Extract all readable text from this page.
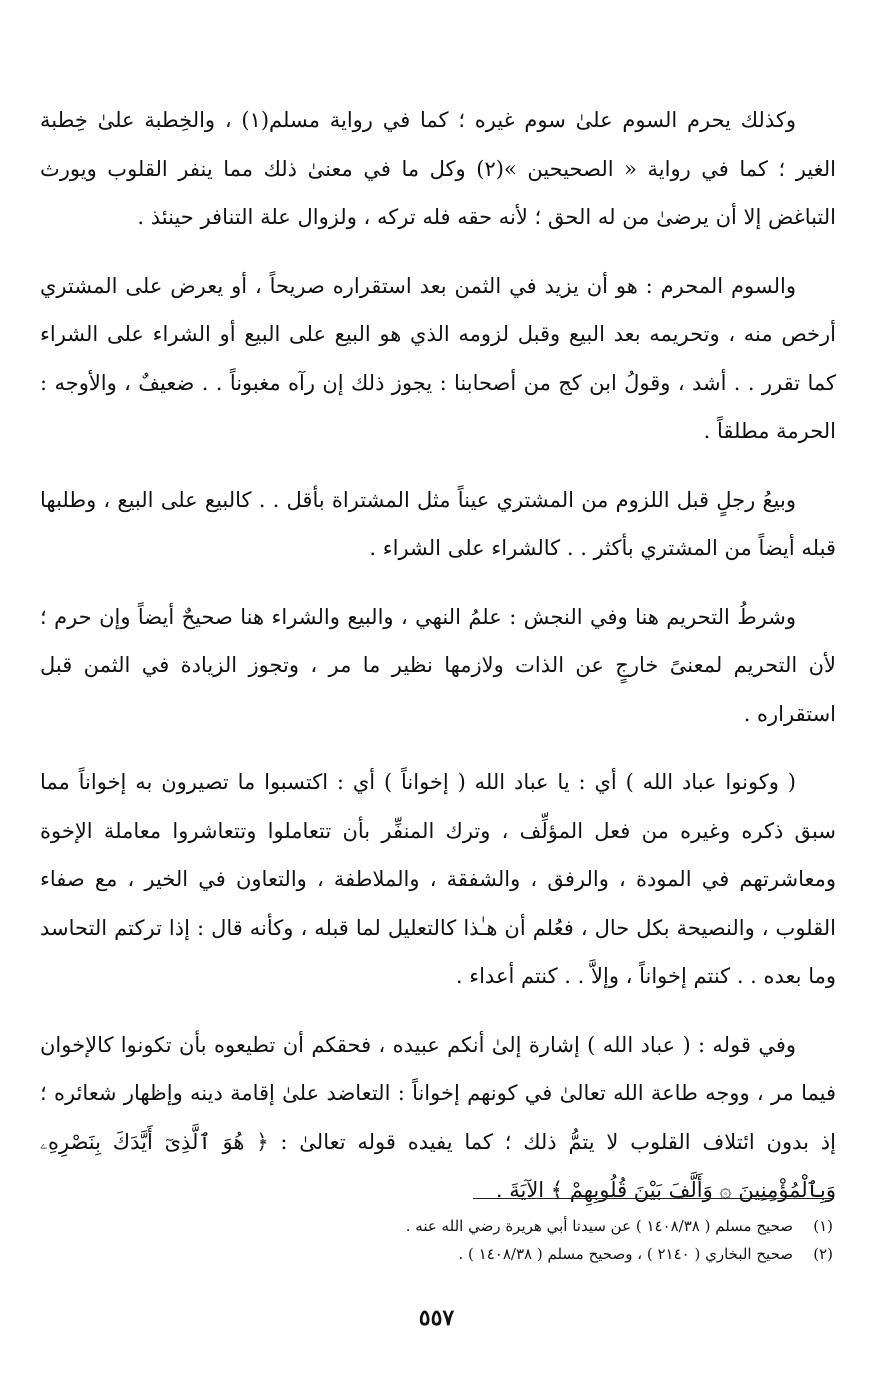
وكذلك يحرم السوم علىٰ سوم غيره ؛ كما في رواية مسلم(١) ، والخِطبة علىٰ خِطبة الغير ؛ كما في رواية « الصحيحين »(٢) وكل ما في معنىٰ ذلك مما ينفر القلوب ويورث التباغض إلا أن يرضىٰ من له الحق ؛ لأنه حقه فله تركه ، ولزوال علة التنافر حينئذ .

والسوم المحرم : هو أن يزيد في الثمن بعد استقراره صريحاً ، أو يعرض على المشتري أرخص منه ، وتحريمه بعد البيع وقبل لزومه الذي هو البيع على البيع أو الشراء على الشراء كما تقرر . . أشد ، وقولُ ابن كج من أصحابنا : يجوز ذلك إن رآه مغبوناً . . ضعيفٌ ، والأوجه : الحرمة مطلقاً .

وبيعُ رجلٍ قبل اللزوم من المشتري عيناً مثل المشتراة بأقل . . كالبيع على البيع ، وطلبها قبله أيضاً من المشتري بأكثر . . كالشراء على الشراء .

وشرطُ التحريم هنا وفي النجش : علمُ النهي ، والبيع والشراء هنا صحيحٌ أيضاً وإن حرم ؛ لأن التحريم لمعنىً خارجٍ عن الذات ولازمها نظير ما مر ، وتجوز الزيادة في الثمن قبل استقراره .

( وكونوا عباد الله ) أي : يا عباد الله ( إخواناً ) أي : اكتسبوا ما تصيرون به إخواناً مما سبق ذكره وغيره من فعل المؤلِّف ، وترك المنفِّر بأن تتعاملوا وتتعاشروا معاملة الإخوة ومعاشرتهم في المودة ، والرفق ، والشفقة ، والملاطفة ، والتعاون في الخير ، مع صفاء القلوب ، والنصيحة بكل حال ، فعُلم أن هـٰذا كالتعليل لما قبله ، وكأنه قال : إذا تركتم التحاسد وما بعده . . كنتم إخواناً ، وإلاَّ . . كنتم أعداء .

وفي قوله : ( عباد الله ) إشارة إلىٰ أنكم عبيده ، فحقكم أن تطيعوه بأن تكونوا كالإخوان فيما مر ، ووجه طاعة الله تعالىٰ في كونهم إخواناً : التعاضد علىٰ إقامة دينه وإظهار شعائره ؛ إذ بدون ائتلاف القلوب لا يتمُّ ذلك ؛ كما يفيده قوله تعالىٰ : ﴿ هُوَ ٱلَّذِىٓ أَيَّدَكَ بِنَصْرِهِۦ وَبِٱلْمُؤْمِنِينَ ۞ وَأَلَّفَ بَيْنَ قُلُوبِهِمْ ﴾ الآيَةَ .

(١)
صحيح مسلم ( ١٤٠٨/٣٨ ) عن سيدنا أبي هريرة رضي الله عنه .
(٢)
صحيح البخاري ( ٢١٤٠ ) ، وصحيح مسلم ( ١٤٠٨/٣٨ ) .
٥٥٧
